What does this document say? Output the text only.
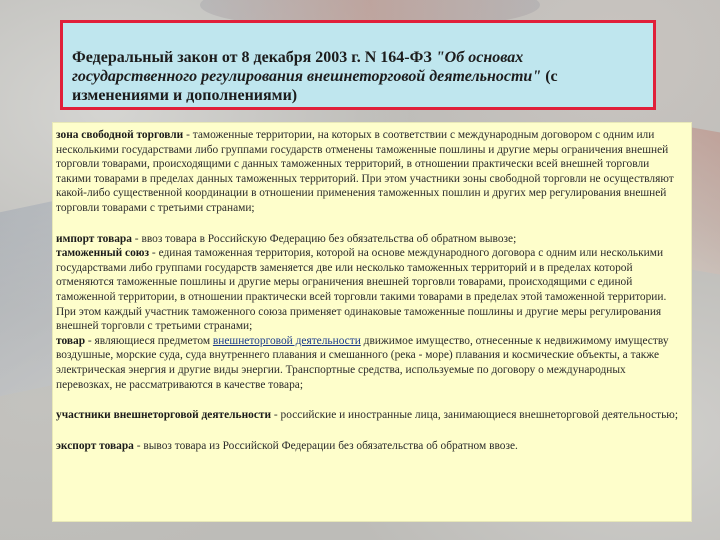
Федеральный закон от 8 декабря 2003 г. N 164-ФЗ "Об основах государственного регулирования внешнеторговой деятельности" (с изменениями и дополнениями)

зона свободной торговли - таможенные территории, на которых в соответствии с международным договором с одним или несколькими государствами либо группами государств отменены таможенные пошлины и другие меры ограничения внешней торговли товарами, происходящими с данных таможенных территорий, в отношении практически всей внешней торговли такими товарами в пределах данных таможенных территорий. При этом участники зоны свободной торговли не осуществляют какой-либо существенной координации в отношении применения таможенных пошлин и других мер регулирования внешней торговли товарами с третьими странами;

импорт товара - ввоз товара в Российскую Федерацию без обязательства об обратном вывозе;

таможенный союз - единая таможенная территория, которой на основе международного договора с одним или несколькими государствами либо группами государств заменяется две или несколько таможенных территорий и в пределах которой отменяются таможенные пошлины и другие меры ограничения внешней торговли товарами, происходящими с единой таможенной территории, в отношении практически всей торговли такими товарами в пределах этой таможенной территории. При этом каждый участник таможенного союза применяет одинаковые таможенные пошлины и другие меры регулирования внешней торговли с третьими странами;

товар - являющиеся предметом внешнеторговой деятельности движимое имущество, отнесенные к недвижимому имуществу воздушные, морские суда, суда внутреннего плавания и смешанного (река - море) плавания и космические объекты, а также электрическая энергия и другие виды энергии. Транспортные средства, используемые по договору о международных перевозках, не рассматриваются в качестве товара;

участники внешнеторговой деятельности - российские и иностранные лица, занимающиеся внешнеторговой деятельностью;

экспорт товара - вывоз товара из Российской Федерации без обязательства об обратном ввозе.
